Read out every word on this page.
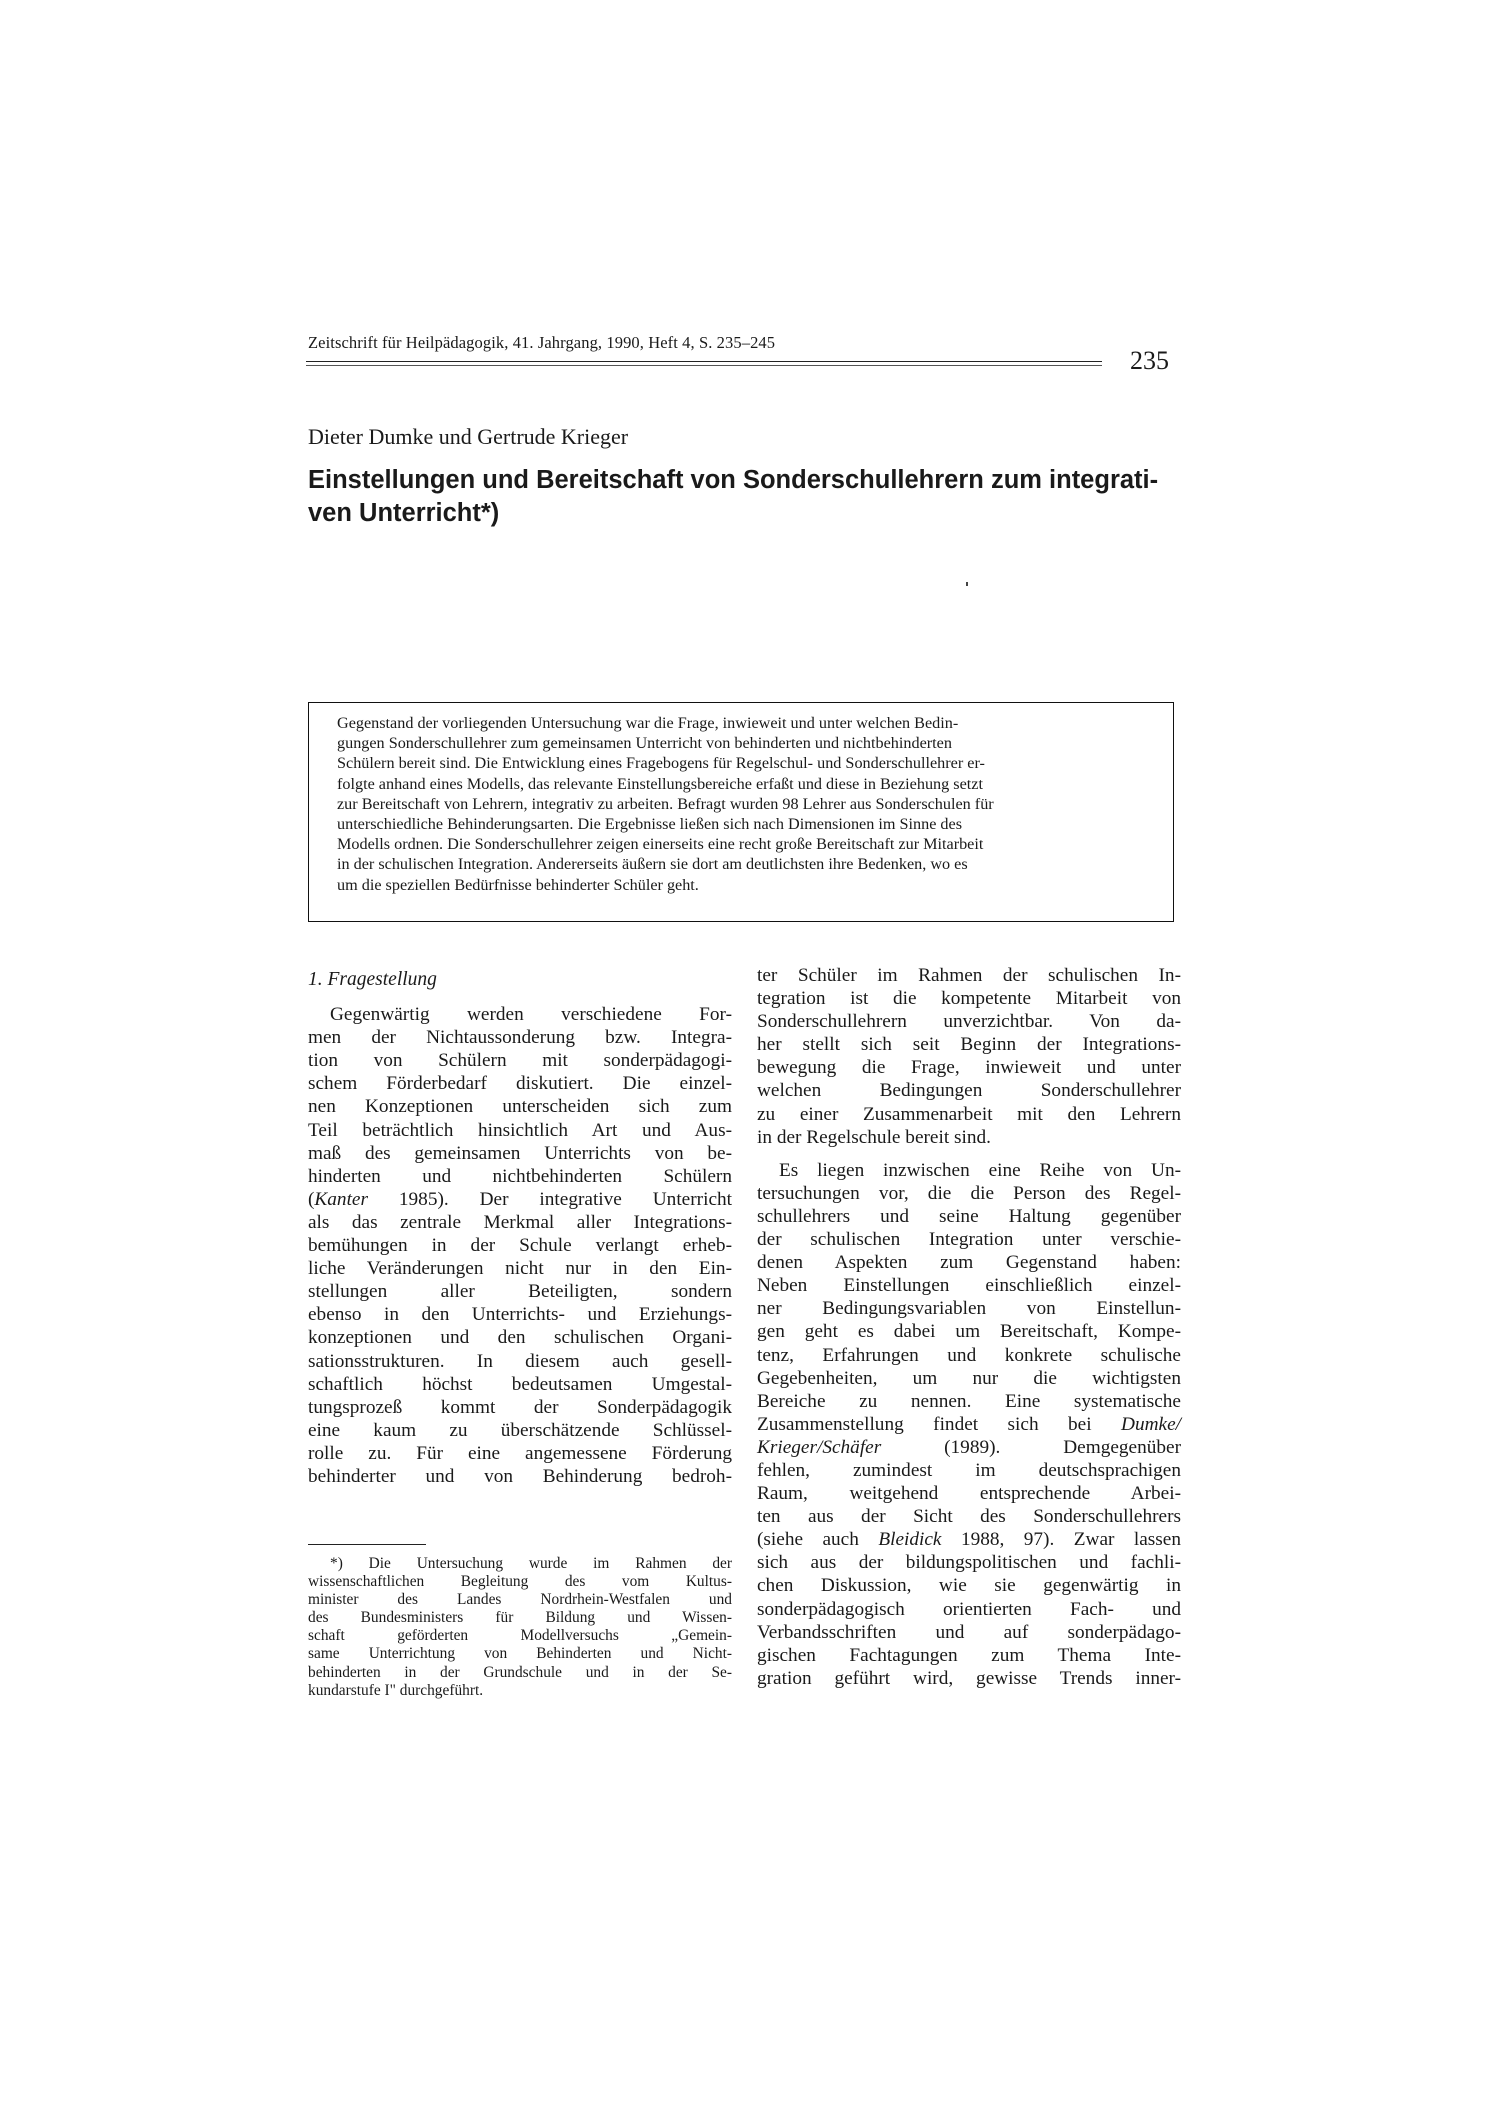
Zeitschrift für Heilpädagogik, 41. Jahrgang, 1990, Heft 4, S. 235–245
235
Dieter Dumke und Gertrude Krieger
Einstellungen und Bereitschaft von Sonderschullehrern zum integrati-
ven Unterricht*)
Gegenstand der vorliegenden Untersuchung war die Frage, inwieweit und unter welchen Bedin-
gungen Sonderschullehrer zum gemeinsamen Unterricht von behinderten und nichtbehinderten
Schülern bereit sind. Die Entwicklung eines Fragebogens für Regelschul- und Sonderschullehrer er-
folgte anhand eines Modells, das relevante Einstellungsbereiche erfaßt und diese in Beziehung setzt
zur Bereitschaft von Lehrern, integrativ zu arbeiten. Befragt wurden 98 Lehrer aus Sonderschulen für
unterschiedliche Behinderungsarten. Die Ergebnisse ließen sich nach Dimensionen im Sinne des
Modells ordnen. Die Sonderschullehrer zeigen einerseits eine recht große Bereitschaft zur Mitarbeit
in der schulischen Integration. Andererseits äußern sie dort am deutlichsten ihre Bedenken, wo es
um die speziellen Bedürfnisse behinderter Schüler geht.
1. Fragestellung
Gegenwärtig werden verschiedene For-
men der Nichtaussonderung bzw. Integra-
tion von Schülern mit sonderpädagogi-
schem Förderbedarf diskutiert. Die einzel-
nen Konzeptionen unterscheiden sich zum
Teil beträchtlich hinsichtlich Art und Aus-
maß des gemeinsamen Unterrichts von be-
hinderten und nichtbehinderten Schülern
(Kanter 1985). Der integrative Unterricht
als das zentrale Merkmal aller Integrations-
bemühungen in der Schule verlangt erheb-
liche Veränderungen nicht nur in den Ein-
stellungen aller Beteiligten, sondern
ebenso in den Unterrichts- und Erziehungs-
konzeptionen und den schulischen Organi-
sationsstrukturen. In diesem auch gesell-
schaftlich höchst bedeutsamen Umgestal-
tungsprozeß kommt der Sonderpädagogik
eine kaum zu überschätzende Schlüssel-
rolle zu. Für eine angemessene Förderung
behinderter und von Behinderung bedroh-
*) Die Untersuchung wurde im Rahmen der
wissenschaftlichen Begleitung des vom Kultus-
minister des Landes Nordrhein-Westfalen und
des Bundesministers für Bildung und Wissen-
schaft geförderten Modellversuchs „Gemein-
same Unterrichtung von Behinderten und Nicht-
behinderten in der Grundschule und in der Se-
kundarstufe I" durchgeführt.
ter Schüler im Rahmen der schulischen In-
tegration ist die kompetente Mitarbeit von
Sonderschullehrern unverzichtbar. Von da-
her stellt sich seit Beginn der Integrations-
bewegung die Frage, inwieweit und unter
welchen Bedingungen Sonderschullehrer
zu einer Zusammenarbeit mit den Lehrern
in der Regelschule bereit sind.
Es liegen inzwischen eine Reihe von Un-
tersuchungen vor, die die Person des Regel-
schullehrers und seine Haltung gegenüber
der schulischen Integration unter verschie-
denen Aspekten zum Gegenstand haben:
Neben Einstellungen einschließlich einzel-
ner Bedingungsvariablen von Einstellun-
gen geht es dabei um Bereitschaft, Kompe-
tenz, Erfahrungen und konkrete schulische
Gegebenheiten, um nur die wichtigsten
Bereiche zu nennen. Eine systematische
Zusammenstellung findet sich bei Dumke/
Krieger/Schäfer (1989). Demgegenüber
fehlen, zumindest im deutschsprachigen
Raum, weitgehend entsprechende Arbei-
ten aus der Sicht des Sonderschullehrers
(siehe auch Bleidick 1988, 97). Zwar lassen
sich aus der bildungspolitischen und fachli-
chen Diskussion, wie sie gegenwärtig in
sonderpädagogisch orientierten Fach- und
Verbandsschriften und auf sonderpädago-
gischen Fachtagungen zum Thema Inte-
gration geführt wird, gewisse Trends inner-
